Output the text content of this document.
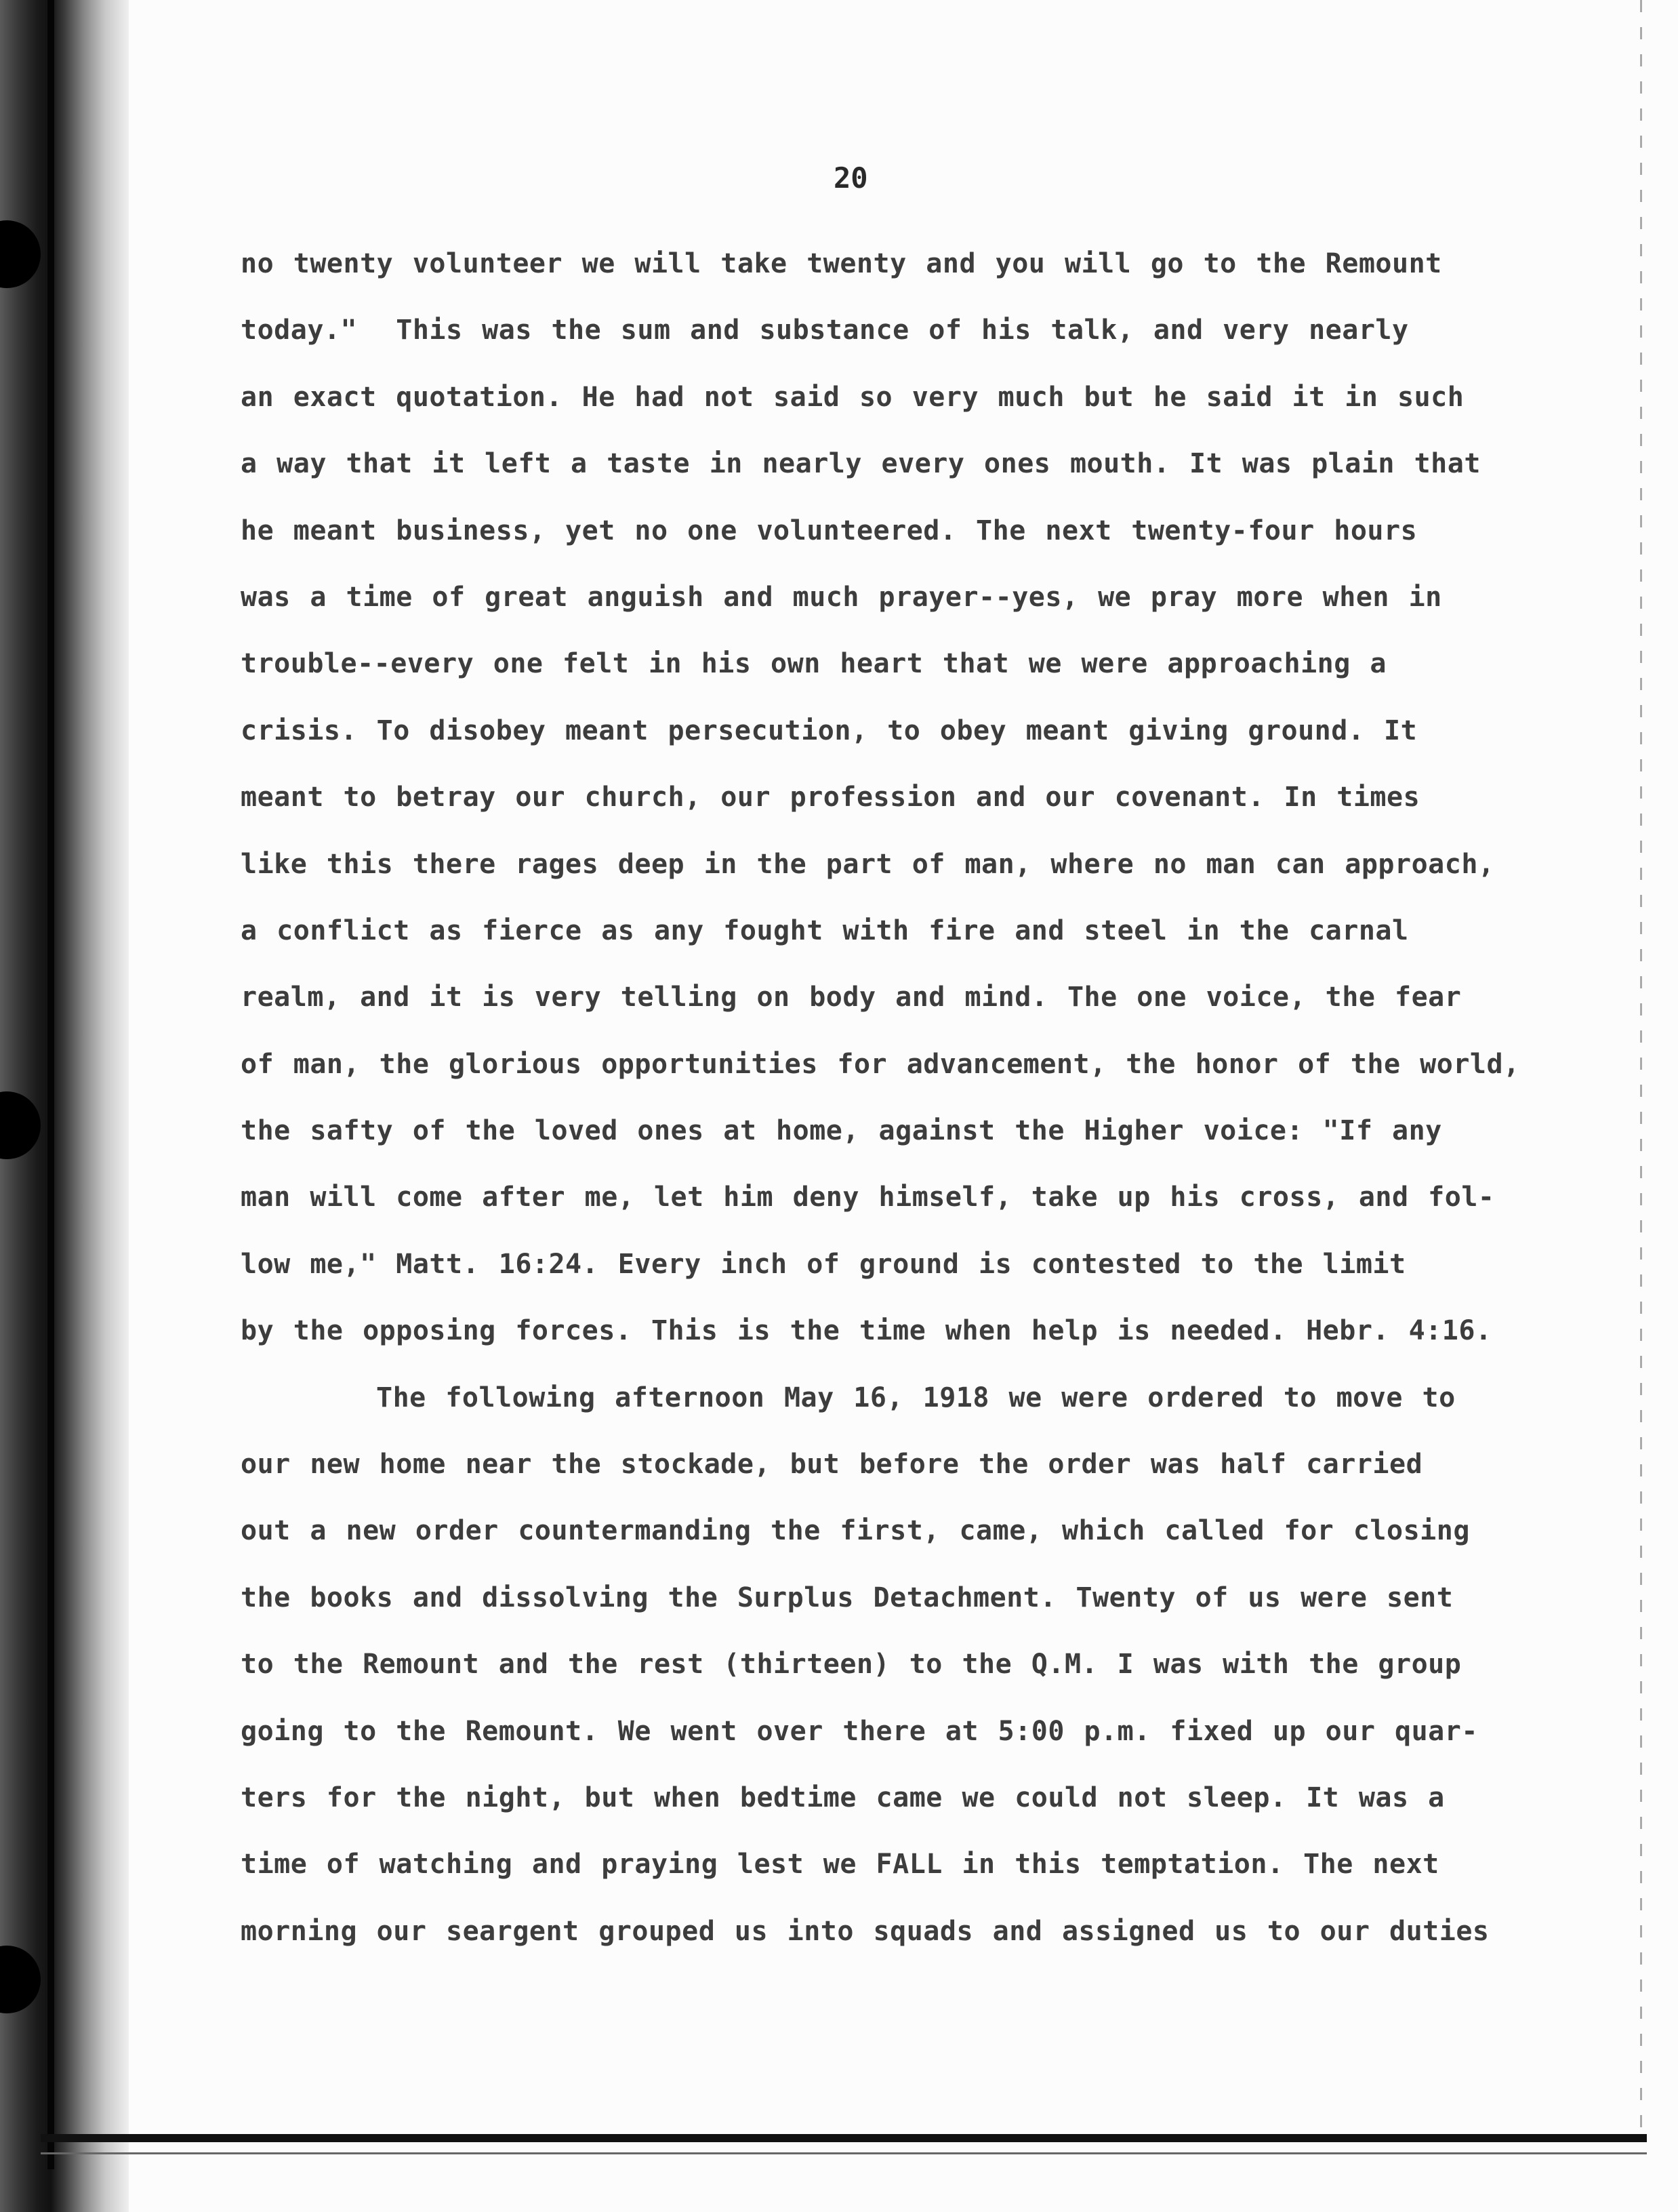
20
no twenty volunteer we will take twenty and you will go to the Remount
today."  This was the sum and substance of his talk, and very nearly
an exact quotation. He had not said so very much but he said it in such
a way that it left a taste in nearly every ones mouth. It was plain that
he meant business, yet no one volunteered. The next twenty-four hours
was a time of great anguish and much prayer--yes, we pray more when in
trouble--every one felt in his own heart that we were approaching a
crisis. To disobey meant persecution, to obey meant giving ground. It
meant to betray our church, our profession and our covenant. In times
like this there rages deep in the part of man, where no man can approach,
a conflict as fierce as any fought with fire and steel in the carnal
realm, and it is very telling on body and mind. The one voice, the fear
of man, the glorious opportunities for advancement, the honor of the world,
the safty of the loved ones at home, against the Higher voice: "If any
man will come after me, let him deny himself, take up his cross, and fol-
low me," Matt. 16:24. Every inch of ground is contested to the limit
by the opposing forces. This is the time when help is needed. Hebr. 4:16.
The following afternoon May 16, 1918 we were ordered to move to
our new home near the stockade, but before the order was half carried
out a new order countermanding the first, came, which called for closing
the books and dissolving the Surplus Detachment. Twenty of us were sent
to the Remount and the rest (thirteen) to the Q.M. I was with the group
going to the Remount. We went over there at 5:00 p.m. fixed up our quar-
ters for the night, but when bedtime came we could not sleep. It was a
time of watching and praying lest we FALL in this temptation. The next
morning our seargent grouped us into squads and assigned us to our duties
